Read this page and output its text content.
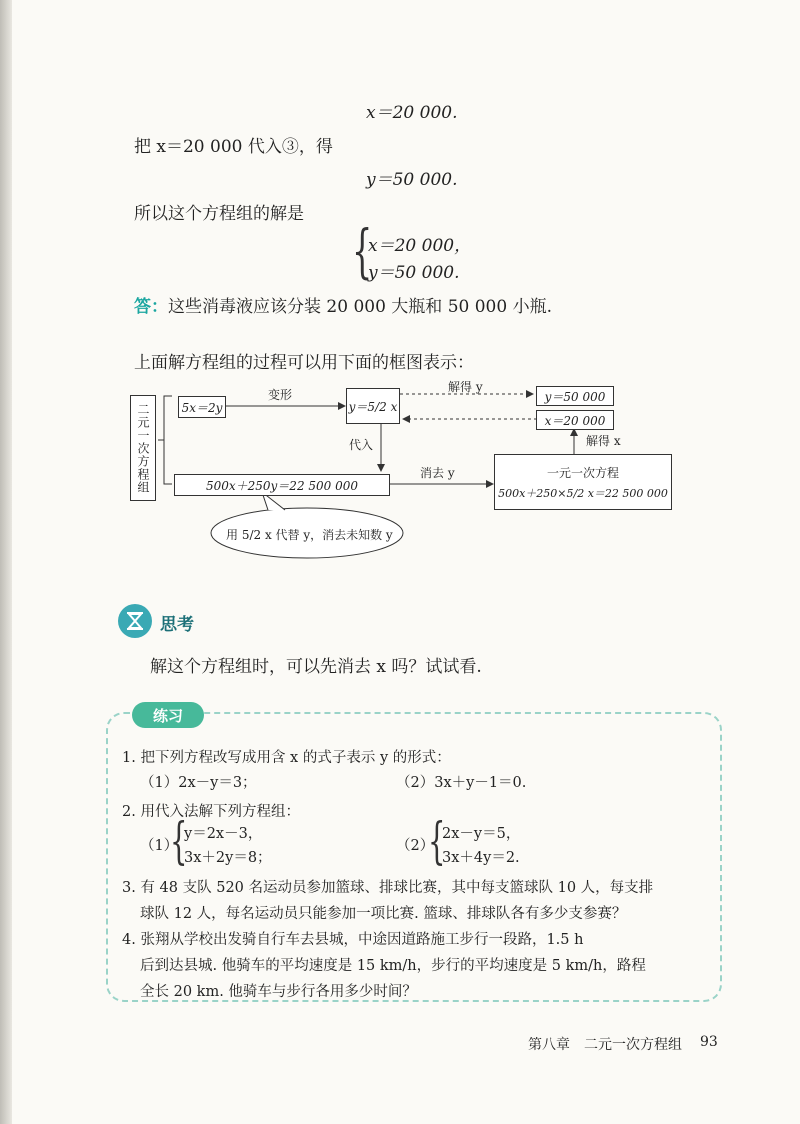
x＝20 000.
把 x＝20 000 代入③，得
y＝50 000.
所以这个方程组的解是
{
x＝20 000，
y＝50 000.
答：这些消毒液应该分装 20 000 大瓶和 50 000 小瓶.
上面解方程组的过程可以用下面的框图表示：
二元一次方程组	5x＝2y
变形
y＝5/2 x
解得 y
y＝50 000
x＝20 000
解得 x
代入
500x＋250y＝22 500 000
消去 y	一元一次方程
500x＋250×5/2 x＝22 500 000
用 5/2 x 代替 y，消去未知数 y
思考
解这个方程组时，可以先消去 x 吗？试试看.
练习
1. 把下列方程改写成用含 x 的式子表示 y 的形式：
（1）2x－y＝3；	（2）3x＋y－1＝0.
2. 用代入法解下列方程组：
（1）
{
y＝2x－3，
3x＋2y＝8；
（2）
{
2x－y＝5，
3x＋4y＝2.
3. 有 48 支队 520 名运动员参加篮球、排球比赛，其中每支篮球队 10 人，每支排
球队 12 人，每名运动员只能参加一项比赛. 篮球、排球队各有多少支参赛？
4. 张翔从学校出发骑自行车去县城，中途因道路施工步行一段路，1.5 h
后到达县城. 他骑车的平均速度是 15 km/h，步行的平均速度是 5 km/h，路程
全长 20 km. 他骑车与步行各用多少时间？
第八章　二元一次方程组 93
